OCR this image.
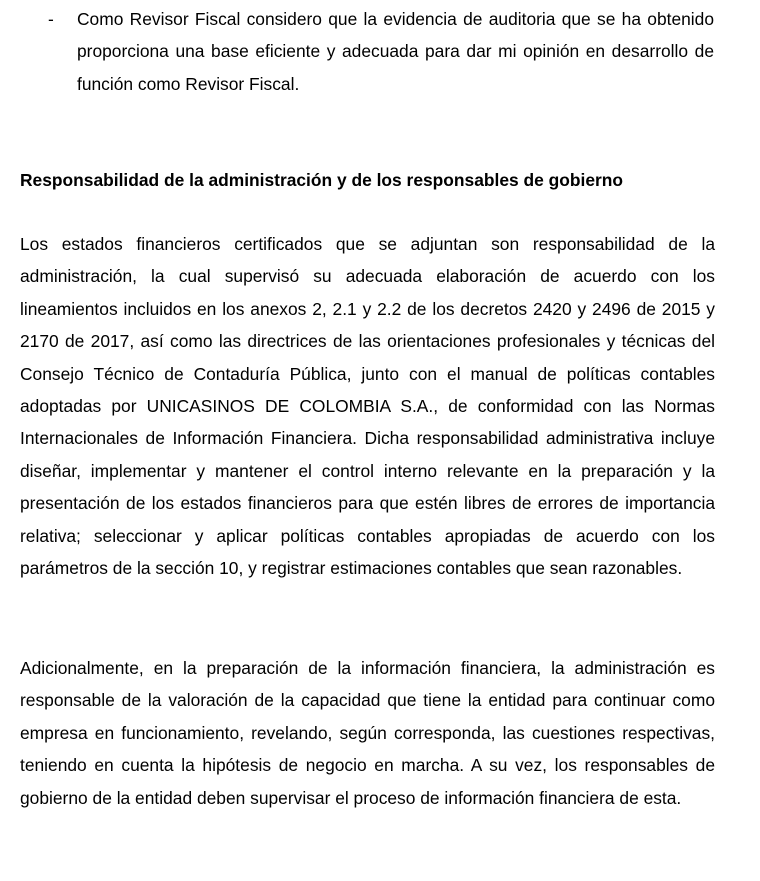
-	Como Revisor Fiscal considero que la evidencia de auditoria que se ha obtenido proporciona una base eficiente y adecuada para dar mi opinión en desarrollo de función como Revisor Fiscal.
Responsabilidad de la administración y de los responsables de gobierno

Los estados financieros certificados que se adjuntan son responsabilidad de la administración, la cual supervisó su adecuada elaboración de acuerdo con los lineamientos incluidos en los anexos 2, 2.1 y 2.2 de los decretos 2420 y 2496 de 2015 y 2170 de 2017, así como las directrices de las orientaciones profesionales y técnicas del Consejo Técnico de Contaduría Pública, junto con el manual de políticas contables adoptadas por UNICASINOS DE COLOMBIA S.A., de conformidad con las Normas Internacionales de Información Financiera. Dicha responsabilidad administrativa incluye diseñar, implementar y mantener el control interno relevante en la preparación y la presentación de los estados financieros para que estén libres de errores de importancia relativa; seleccionar y aplicar políticas contables apropiadas de acuerdo con los parámetros de la sección 10, y registrar estimaciones contables que sean razonables.

Adicionalmente, en la preparación de la información financiera, la administración es responsable de la valoración de la capacidad que tiene la entidad para continuar como empresa en funcionamiento, revelando, según corresponda, las cuestiones respectivas, teniendo en cuenta la hipótesis de negocio en marcha. A su vez, los responsables de gobierno de la entidad deben supervisar el proceso de información financiera de esta.
